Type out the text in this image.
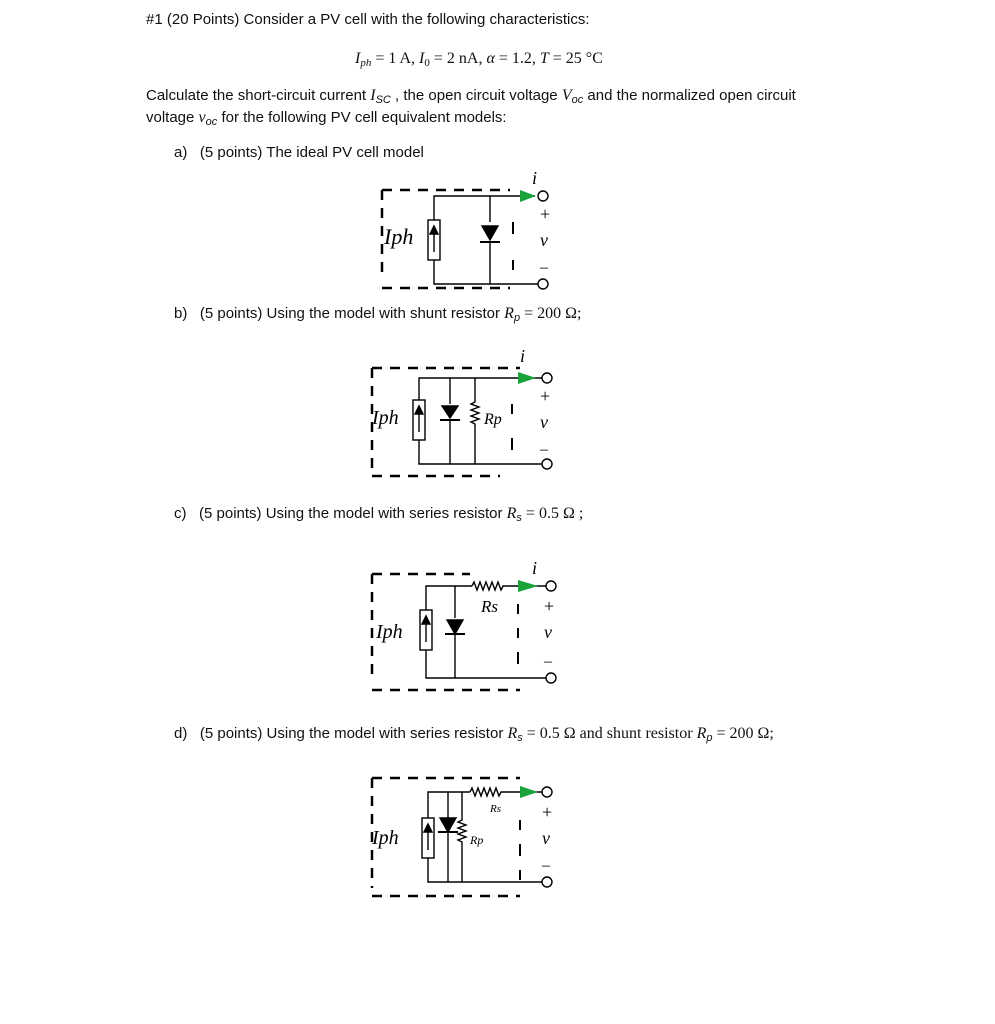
#1 (20 Points) Consider a PV cell with the following characteristics:
$I_{ph} = 1$ A, $I_0 = 2$ nA, α = 1.2, T = 25 °C
Calculate the short-circuit current $I_{SC}$ , the open circuit voltage $V_{oc}$ and the normalized open circuit
voltage $v_{oc}$ for the following PV cell equivalent models:
a) (5 points) The ideal PV cell model
b) (5 points) Using the model with shunt resistor $R_p = 200$ Ω;
c) (5 points) Using the model with series resistor $R_s = 0.5$ Ω ;
d) (5 points) Using the model with series resistor $R_s = 0.5$ Ω and shunt resistor $R_p = 200$ Ω;
Iph
i
+
v
–
Iph	Rp
i
+
v
–
Iph
Rs
i
+
v
–
Iph
Rs
Rp
+
v
–
